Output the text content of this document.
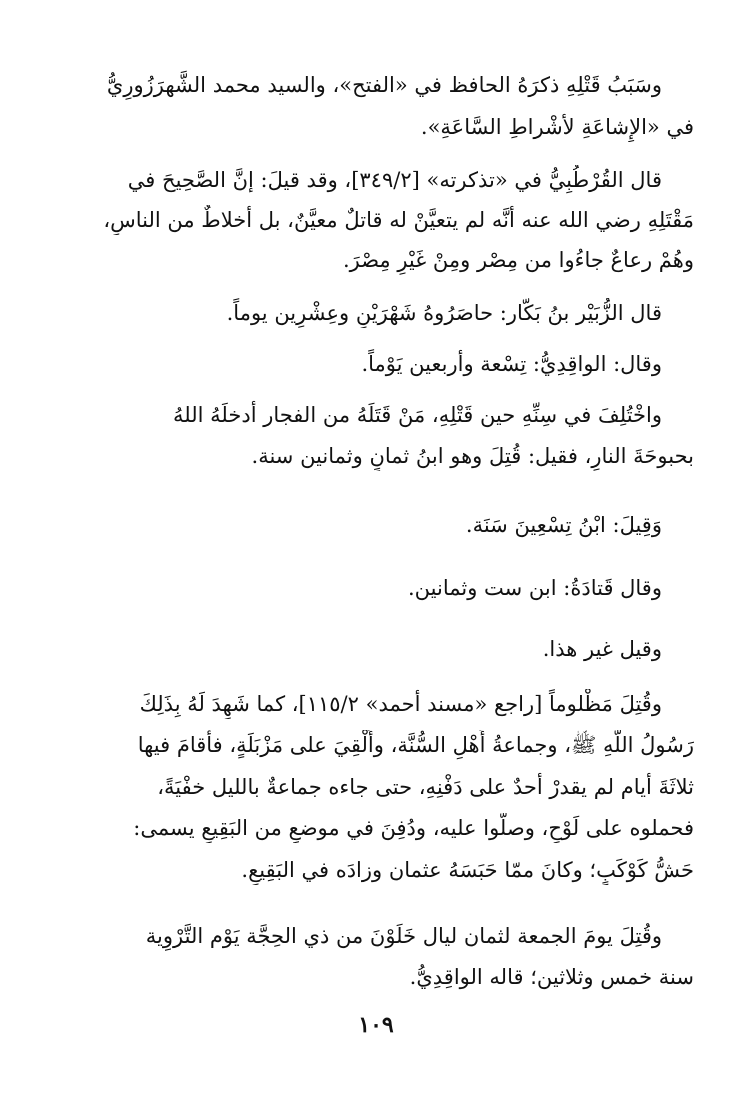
وسَبَبُ قَتْلِهِ ذكرَهُ الحافظ في «الفتح»، والسيد محمد الشَّهرَزُورِيُّ
في «الإِشاعَةِ لأشْراطِ السَّاعَةِ».
قال القُرْطُبِيُّ في «تذكرته» [٣٤٩/٢]، وقد قيلَ: إنَّ الصَّحِيحَ في
مَقْتَلِهِ رضي الله عنه أنَّه لم يتعيَّنْ له قاتلٌ معيَّنٌ، بل أخلاطٌ من الناسِ،
وهُمْ رعاعٌ جاءُوا من مِصْر ومِنْ غَيْرِ مِصْرَ.
قال الزُّبَيْر بنُ بَكّار: حاصَرُوهُ شَهْرَيْنِ وعِشْرِين يوماً.
وقال: الواقِدِيُّ: تِسْعة وأربعين يَوْماً.
واخْتُلِفَ في سِنِّهِ حين قَتْلِهِ، مَنْ قَتَلَهُ من الفجار أدخلَهُ اللهُ
بحبوحَةَ النارِ، فقيل: قُتِلَ وهو ابنُ ثمانٍ وثمانين سنة.
وَقِيلَ: ابْنُ تِسْعِينَ سَنَة.
وقال قَتادَةُ: ابن ست وثمانين.
وقيل غير هذا.
وقُتِلَ مَظْلوماً [راجع «مسند أحمد» ١١٥/٢]، كما شَهِدَ لَهُ بِذَلِكَ
رَسُولُ اللَّهِ ﷺ، وجماعةُ أَهْلِ السُّنَّة، وأُلْقِيَ على مَزْبَلَةٍ، فأقامَ فيها
ثلاثَةَ أيام لم يقدرْ أحدٌ على دَفْنِهِ، حتى جاءه جماعةٌ بالليل خفْيَةً،
فحملوه على لَوْحٍ، وصلُّوا عليه، ودُفِنَ في موضعٍ من البَقِيعِ يسمى:
حَشُّ كَوْكَبٍ؛ وكانَ ممّا حَبَسَهُ عثمان وزادَه في البَقِيعِ.
وقُتِلَ يومَ الجمعة لثمان ليال خَلَوْنَ من ذي الحِجَّة يَوْم التَّرْوِية
سنة خمس وثلاثين؛ قاله الواقِدِيُّ.
١٠٩
